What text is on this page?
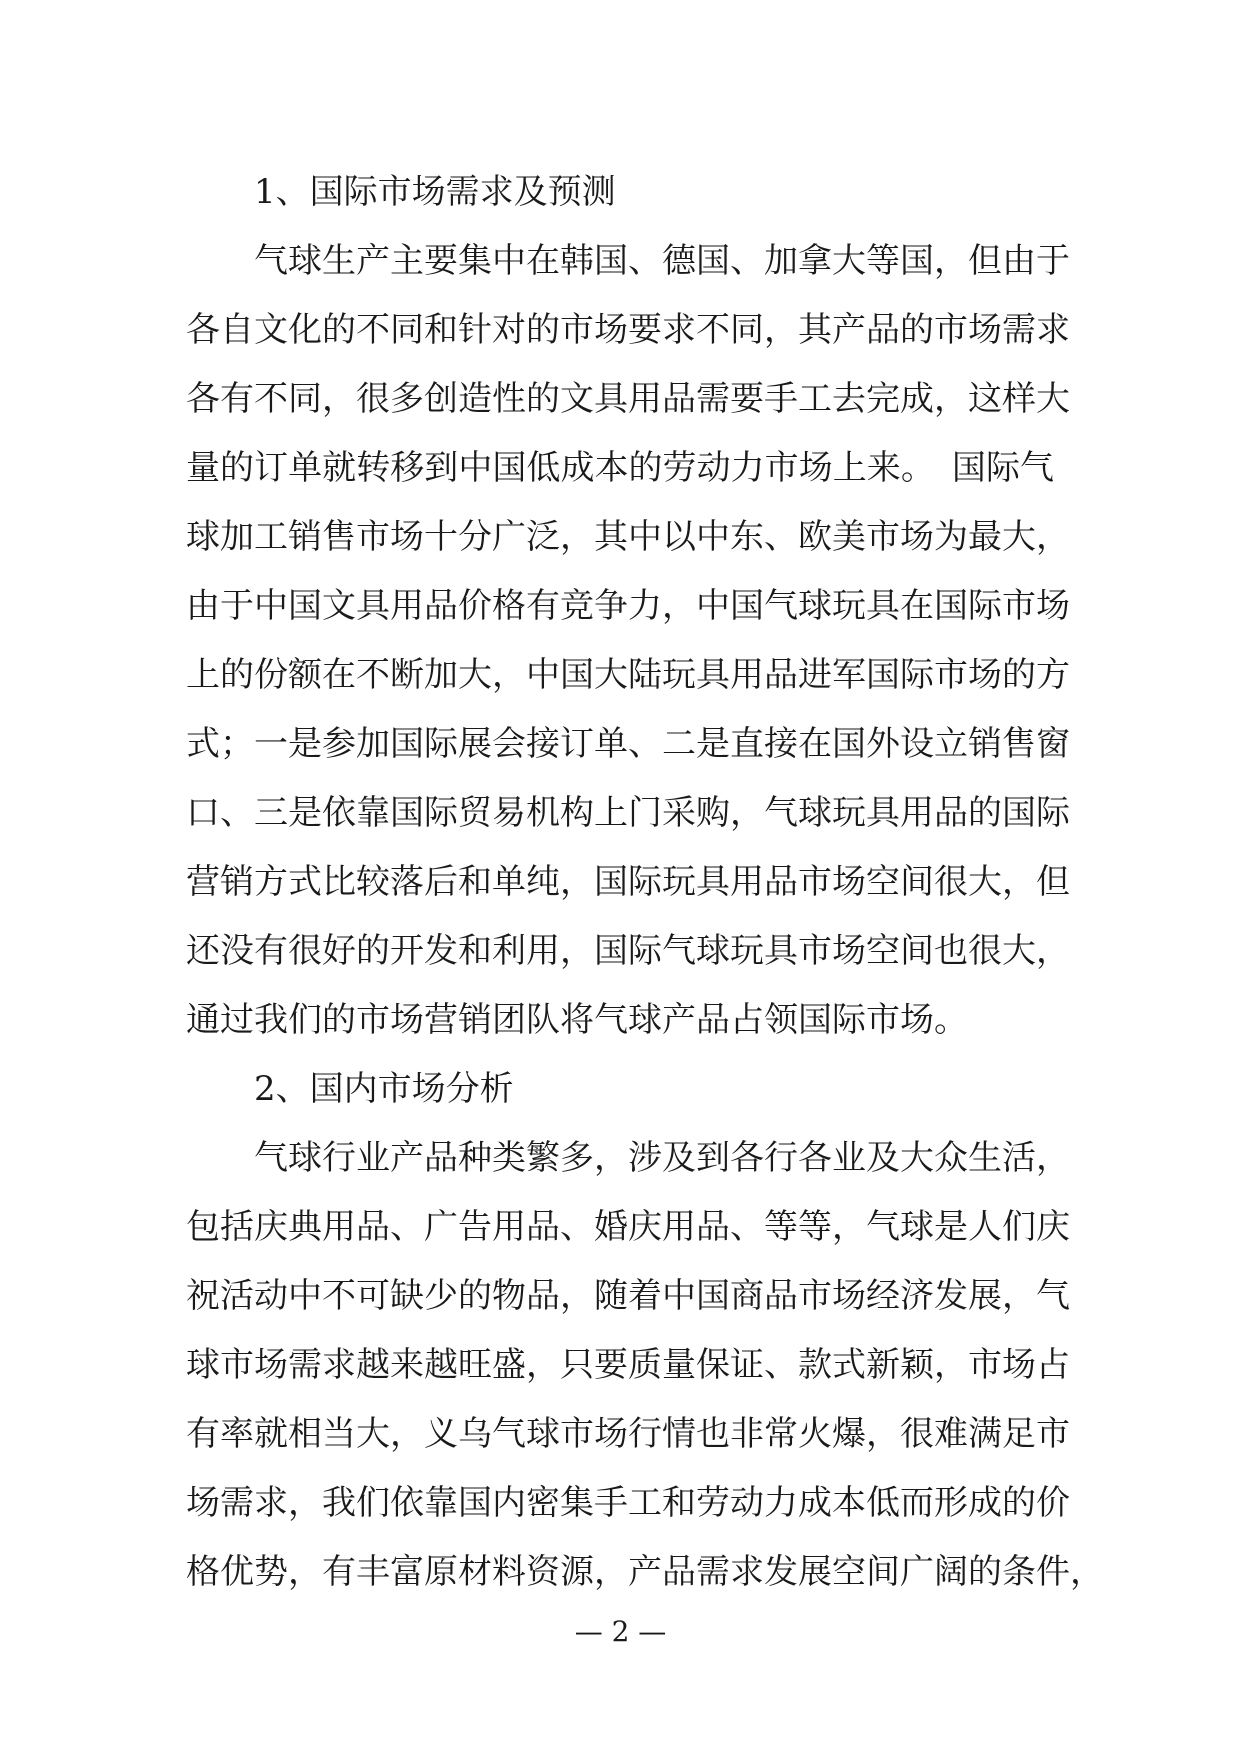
1、国际市场需求及预测
气球生产主要集中在韩国、德国、加拿大等国，但由于
各自文化的不同和针对的市场要求不同，其产品的市场需求
各有不同，很多创造性的文具用品需要手工去完成，这样大
量的订单就转移到中国低成本的劳动力市场上来。　国际气
球加工销售市场十分广泛，其中以中东、欧美市场为最大，
由于中国文具用品价格有竞争力，中国气球玩具在国际市场
上的份额在不断加大，中国大陆玩具用品进军国际市场的方
式；一是参加国际展会接订单、二是直接在国外设立销售窗
口、三是依靠国际贸易机构上门采购，气球玩具用品的国际
营销方式比较落后和单纯，国际玩具用品市场空间很大，但
还没有很好的开发和利用，国际气球玩具市场空间也很大，
通过我们的市场营销团队将气球产品占领国际市场。
2、国内市场分析
气球行业产品种类繁多，涉及到各行各业及大众生活，
包括庆典用品、广告用品、婚庆用品、等等，气球是人们庆
祝活动中不可缺少的物品，随着中国商品市场经济发展，气
球市场需求越来越旺盛，只要质量保证、款式新颖，市场占
有率就相当大，义乌气球市场行情也非常火爆，很难满足市
场需求，我们依靠国内密集手工和劳动力成本低而形成的价
格优势，有丰富原材料资源，产品需求发展空间广阔的条件，
— 2 —
